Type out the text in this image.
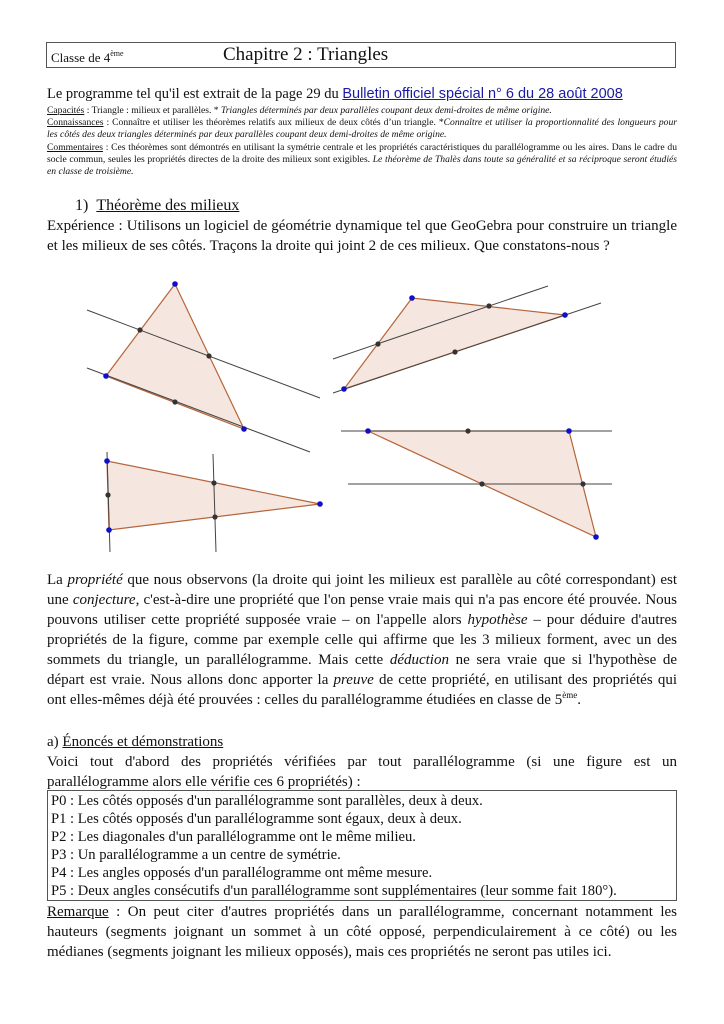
Classe de 4ème	Chapitre 2 : Triangles
Le programme tel qu'il est extrait de la page 29 du Bulletin officiel spécial n° 6 du 28 août 2008
Capacités : Triangle : milieux et parallèles. * Triangles déterminés par deux parallèles coupant deux demi-droites de même origine.
Connaissances : Connaître et utiliser les théorèmes relatifs aux milieux de deux côtés d’un triangle. *Connaître et utiliser la proportionnalité des longueurs pour les côtés des deux triangles déterminés par deux parallèles coupant deux demi-droites de même origine.
Commentaires : Ces théorèmes sont démontrés en utilisant la symétrie centrale et les propriétés caractéristiques du parallélogramme ou les aires. Dans le cadre du socle commun, seules les propriétés directes de la droite des milieux sont exigibles. Le théorème de Thalès dans toute sa généralité et sa réciproque seront étudiés en classe de troisième.
1) Théorème des milieux
Expérience : Utilisons un logiciel de géométrie dynamique tel que GeoGebra pour construire un triangle et les milieux de ses côtés. Traçons la droite qui joint 2 de ces milieux. Que constatons-nous ?
La propriété que nous observons (la droite qui joint les milieux est parallèle au côté correspondant) est une conjecture, c'est-à-dire une propriété que l'on pense vraie mais qui n'a pas encore été prouvée. Nous pouvons utiliser cette propriété supposée vraie – on l'appelle alors hypothèse – pour déduire d'autres propriétés de la figure, comme par exemple celle qui affirme que les 3 milieux forment, avec un des sommets du triangle, un parallélogramme. Mais cette déduction ne sera vraie que si l'hypothèse de départ est vraie. Nous allons donc apporter la preuve de cette propriété, en utilisant des propriétés qui ont elles-mêmes déjà été prouvées : celles du parallélogramme étudiées en classe de 5ème.
a) Énoncés et démonstrations
Voici tout d'abord des propriétés vérifiées par tout parallélogramme (si une figure est un parallélogramme alors elle vérifie ces 6 propriétés) :
P0 : Les côtés opposés d'un parallélogramme sont parallèles, deux à deux.
P1 : Les côtés opposés d'un parallélogramme sont égaux, deux à deux.
P2 : Les diagonales d'un parallélogramme ont le même milieu.
P3 : Un parallélogramme a un centre de symétrie.
P4 : Les angles opposés d'un parallélogramme ont même mesure.
P5 : Deux angles consécutifs d'un parallélogramme sont supplémentaires (leur somme fait 180°).
Remarque : On peut citer d'autres propriétés dans un parallélogramme, concernant notamment les hauteurs (segments joignant un sommet à un côté opposé, perpendiculairement à ce côté) ou les médianes (segments joignant les milieux opposés), mais ces propriétés ne seront pas utiles ici.
